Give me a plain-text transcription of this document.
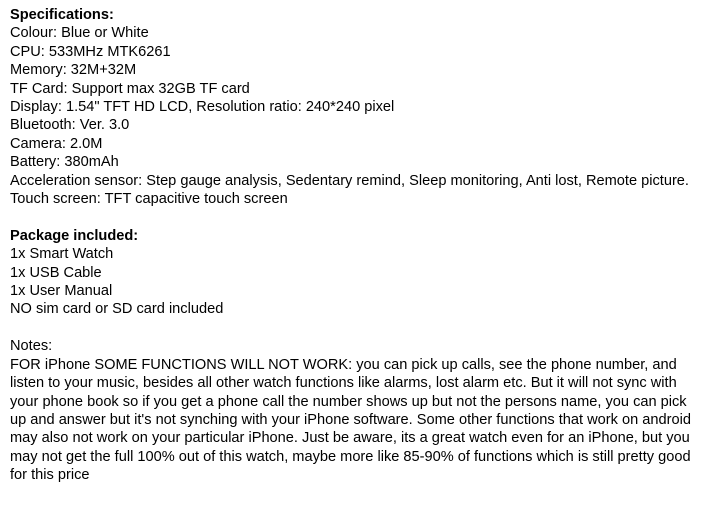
Specifications:
Colour: Blue or White
CPU: 533MHz MTK6261
Memory: 32M+32M
TF Card: Support max 32GB TF card
Display: 1.54" TFT HD LCD, Resolution ratio: 240*240 pixel
Bluetooth: Ver. 3.0
Camera: 2.0M
Battery: 380mAh
Acceleration sensor: Step gauge analysis, Sedentary remind, Sleep monitoring, Anti lost, Remote picture.
Touch screen: TFT capacitive touch screen
Package included:
1x Smart Watch
1x USB Cable
1x User Manual
NO sim card or SD card included
Notes:
FOR iPhone SOME FUNCTIONS WILL NOT WORK: you can pick up calls, see the phone number, and listen to your music, besides all other watch functions like alarms, lost alarm etc. But it will not sync with your phone book so if you get a phone call the number shows up but not the persons name, you can pick up and answer but it's not synching with your iPhone software. Some other functions that work on android may also not work on your particular iPhone. Just be aware, its a great watch even for an iPhone, but you may not get the full 100% out of this watch, maybe more like 85-90% of functions which is still pretty good for this price
